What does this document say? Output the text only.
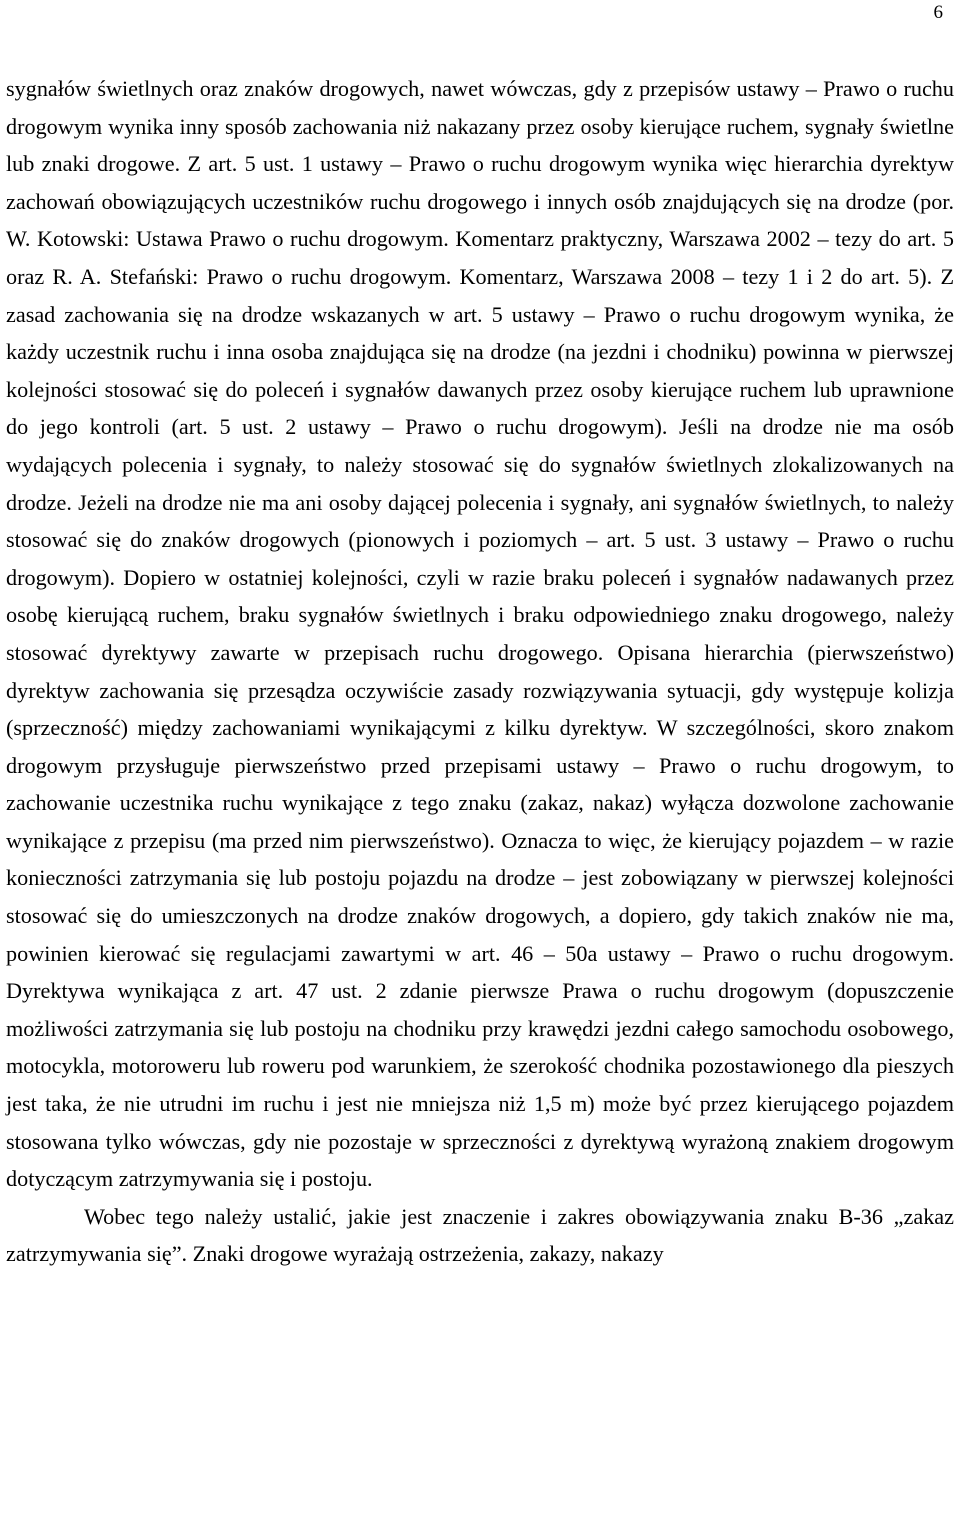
6

sygnałów świetlnych oraz znaków drogowych, nawet wówczas, gdy z przepisów ustawy – Prawo o ruchu drogowym wynika inny sposób zachowania niż nakazany przez osoby kierujące ruchem, sygnały świetlne lub znaki drogowe. Z art. 5 ust. 1 ustawy – Prawo o ruchu drogowym wynika więc hierarchia dyrektyw zachowań obowiązujących uczestników ruchu drogowego i innych osób znajdujących się na drodze (por. W. Kotowski: Ustawa Prawo o ruchu drogowym. Komentarz praktyczny, Warszawa 2002 – tezy do art. 5 oraz R. A. Stefański: Prawo o ruchu drogowym. Komentarz, Warszawa 2008 – tezy 1 i 2 do art. 5). Z zasad zachowania się na drodze wskazanych w art. 5 ustawy – Prawo o ruchu drogowym wynika, że każdy uczestnik ruchu i inna osoba znajdująca się na drodze (na jezdni i chodniku) powinna w pierwszej kolejności stosować się do poleceń i sygnałów dawanych przez osoby kierujące ruchem lub uprawnione do jego kontroli (art. 5 ust. 2 ustawy – Prawo o ruchu drogowym). Jeśli na drodze nie ma osób wydających polecenia i sygnały, to należy stosować się do sygnałów świetlnych zlokalizowanych na drodze. Jeżeli na drodze nie ma ani osoby dającej polecenia i sygnały, ani sygnałów świetlnych, to należy stosować się do znaków drogowych (pionowych i poziomych – art. 5 ust. 3 ustawy – Prawo o ruchu drogowym). Dopiero w ostatniej kolejności, czyli w razie braku poleceń i sygnałów nadawanych przez osobę kierującą ruchem, braku sygnałów świetlnych i braku odpowiedniego znaku drogowego, należy stosować dyrektywy zawarte w przepisach ruchu drogowego. Opisana hierarchia (pierwszeństwo) dyrektyw zachowania się przesądza oczywiście zasady rozwiązywania sytuacji, gdy występuje kolizja (sprzeczność) między zachowaniami wynikającymi z kilku dyrektyw. W szczególności, skoro znakom drogowym przysługuje pierwszeństwo przed przepisami ustawy – Prawo o ruchu drogowym, to zachowanie uczestnika ruchu wynikające z tego znaku (zakaz, nakaz) wyłącza dozwolone zachowanie wynikające z przepisu (ma przed nim pierwszeństwo). Oznacza to więc, że kierujący pojazdem – w razie konieczności zatrzymania się lub postoju pojazdu na drodze – jest zobowiązany w pierwszej kolejności stosować się do umieszczonych na drodze znaków drogowych, a dopiero, gdy takich znaków nie ma, powinien kierować się regulacjami zawartymi w art. 46 – 50a ustawy – Prawo o ruchu drogowym. Dyrektywa wynikająca z art. 47 ust. 2 zdanie pierwsze Prawa o ruchu drogowym (dopuszczenie możliwości zatrzymania się lub postoju na chodniku przy krawędzi jezdni całego samochodu osobowego, motocykla, motoroweru lub roweru pod warunkiem, że szerokość chodnika pozostawionego dla pieszych jest taka, że nie utrudni im ruchu i jest nie mniejsza niż 1,5 m) może być przez kierującego pojazdem stosowana tylko wówczas, gdy nie pozostaje w sprzeczności z dyrektywą wyrażoną znakiem drogowym dotyczącym zatrzymywania się i postoju.

Wobec tego należy ustalić, jakie jest znaczenie i zakres obowiązywania znaku B-36 „zakaz zatrzymywania się”. Znaki drogowe wyrażają ostrzeżenia, zakazy, nakazy
